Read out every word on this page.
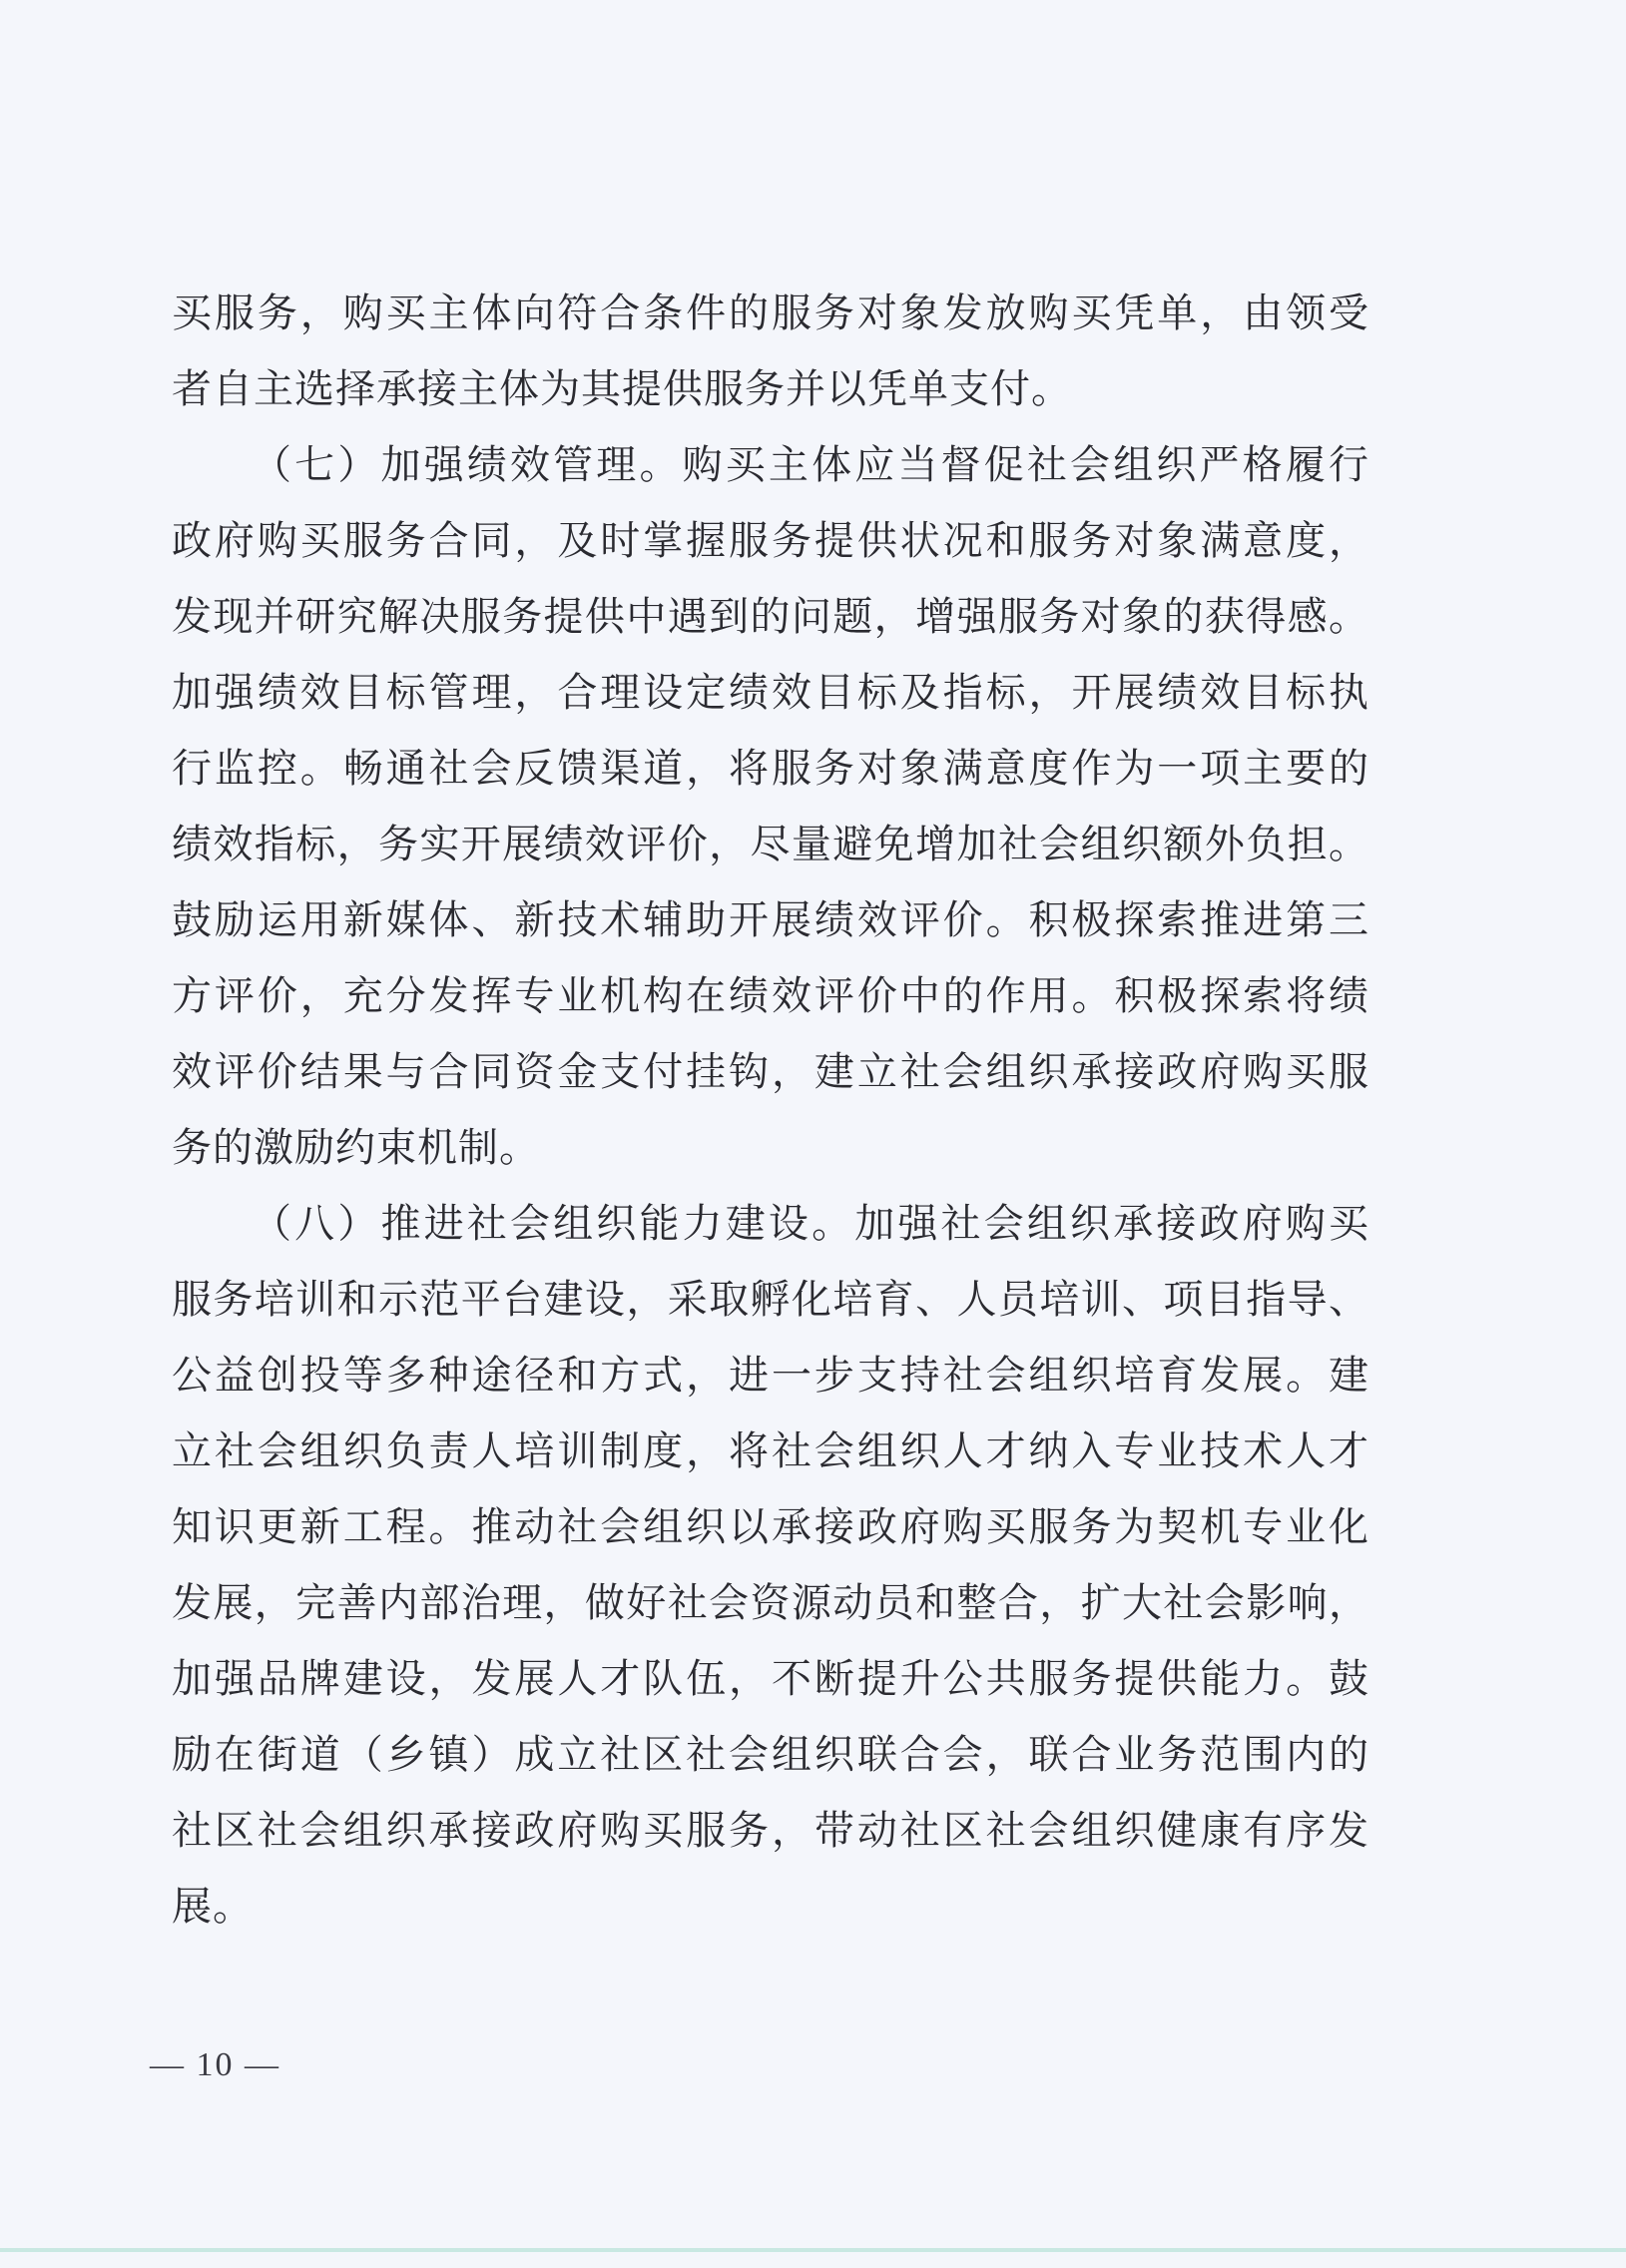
买服务，购买主体向符合条件的服务对象发放购买凭单，由领受
者自主选择承接主体为其提供服务并以凭单支付。
（七）加强绩效管理。购买主体应当督促社会组织严格履行
政府购买服务合同，及时掌握服务提供状况和服务对象满意度，
发现并研究解决服务提供中遇到的问题，增强服务对象的获得感。
加强绩效目标管理，合理设定绩效目标及指标，开展绩效目标执
行监控。畅通社会反馈渠道，将服务对象满意度作为一项主要的
绩效指标，务实开展绩效评价，尽量避免增加社会组织额外负担。
鼓励运用新媒体、新技术辅助开展绩效评价。积极探索推进第三
方评价，充分发挥专业机构在绩效评价中的作用。积极探索将绩
效评价结果与合同资金支付挂钩，建立社会组织承接政府购买服
务的激励约束机制。
（八）推进社会组织能力建设。加强社会组织承接政府购买
服务培训和示范平台建设，采取孵化培育、人员培训、项目指导、
公益创投等多种途径和方式，进一步支持社会组织培育发展。建
立社会组织负责人培训制度，将社会组织人才纳入专业技术人才
知识更新工程。推动社会组织以承接政府购买服务为契机专业化
发展，完善内部治理，做好社会资源动员和整合，扩大社会影响，
加强品牌建设，发展人才队伍，不断提升公共服务提供能力。鼓
励在街道（乡镇）成立社区社会组织联合会，联合业务范围内的
社区社会组织承接政府购买服务，带动社区社会组织健康有序发
展。
— 10 —
